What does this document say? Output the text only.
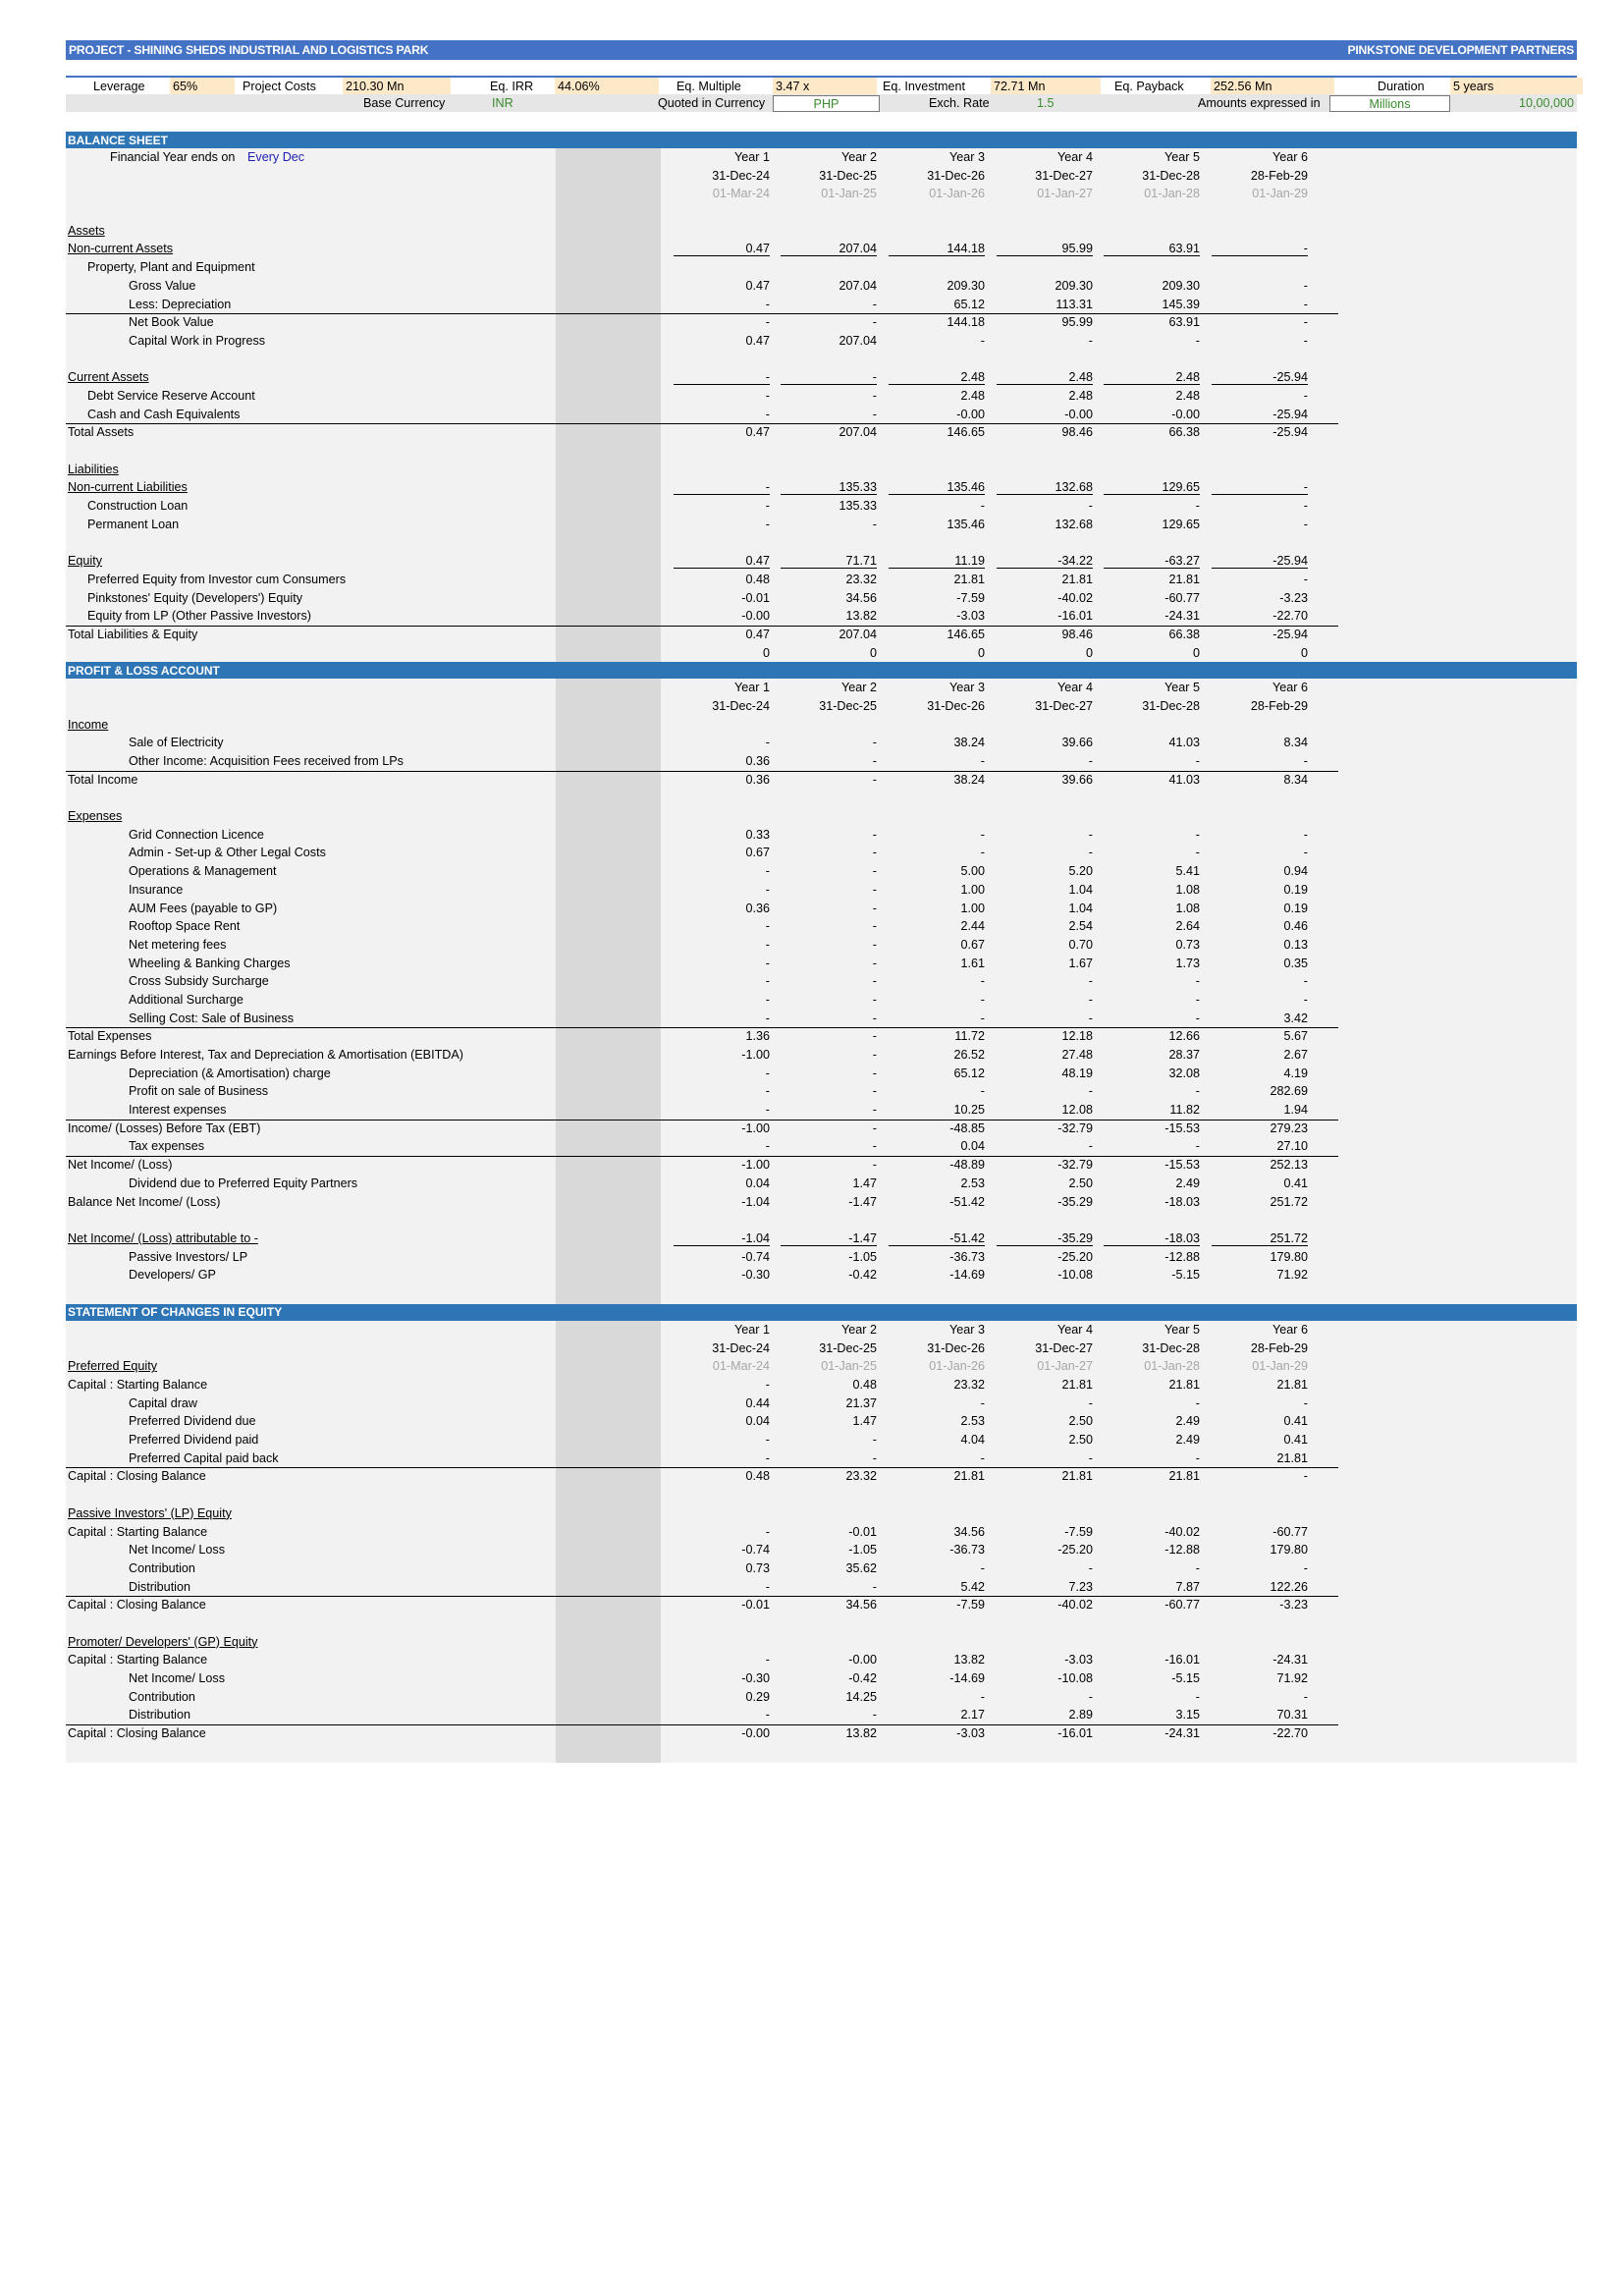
PROJECT - SHINING SHEDS INDUSTRIAL AND LOGISTICS PARK	PINKSTONE DEVELOPMENT PARTNERS
Leverage 65%	Project Costs 210.30 Mn	Eq. IRR 44.06%	Eq. Multiple	3.47 x	Eq. Investment 72.71 Mn	Eq. Payback 252.56 Mn	Duration 5 years
Base Currency	INR	Quoted in Currency	PHP	Exch. Rate	1.5	Amounts expressed in	Millions	10,00,000
BALANCE SHEET
Financial Year ends on Every Dec	Year 1	Year 2	Year 3	Year 4	Year 5	Year 6
31-Dec-24	31-Dec-25	31-Dec-26	31-Dec-27	31-Dec-28	28-Feb-29
01-Mar-24	01-Jan-25	01-Jan-26	01-Jan-27	01-Jan-28	01-Jan-29
Assets
Non-current Assets	0.47	207.04	144.18	95.99	63.91	-
Property, Plant and Equipment
Gross Value	0.47	207.04	209.30	209.30	209.30	-
Less: Depreciation	-	-	65.12	113.31	145.39	-
Net Book Value	-	-	144.18	95.99	63.91	-
Capital Work in Progress	0.47	207.04	-	-	-	-
Current Assets	-	-	2.48	2.48	2.48	-25.94
Debt Service Reserve Account	-	-	2.48	2.48	2.48	-
Cash and Cash Equivalents	-	-	-0.00	-0.00	-0.00	-25.94
Total Assets	0.47	207.04	146.65	98.46	66.38	-25.94
Liabilities
Non-current Liabilities	-	135.33	135.46	132.68	129.65	-
Construction Loan	-	135.33	-	-	-	-
Permanent Loan	-	-	135.46	132.68	129.65	-
Equity	0.47	71.71	11.19	-34.22	-63.27	-25.94
Preferred Equity from Investor cum Consumers	0.48	23.32	21.81	21.81	21.81	-
Pinkstones' Equity (Developers') Equity	-0.01	34.56	-7.59	-40.02	-60.77	-3.23
Equity from LP (Other Passive Investors)	-0.00	13.82	-3.03	-16.01	-24.31	-22.70
Total Liabilities & Equity	0.47	207.04	146.65	98.46	66.38	-25.94
0	0	0	0	0	0
PROFIT & LOSS ACCOUNT
Year 1	Year 2	Year 3	Year 4	Year 5	Year 6
31-Dec-24	31-Dec-25	31-Dec-26	31-Dec-27	31-Dec-28	28-Feb-29
Income
Sale of Electricity	-	-	38.24	39.66	41.03	8.34
Other Income: Acquisition Fees received from LPs	0.36	-	-	-	-	-
Total Income	0.36	-	38.24	39.66	41.03	8.34
Expenses
Grid Connection Licence	0.33	-	-	-	-	-
Admin - Set-up & Other Legal Costs	0.67	-	-	-	-	-
Operations & Management	-	-	5.00	5.20	5.41	0.94
Insurance	-	-	1.00	1.04	1.08	0.19
AUM Fees (payable to GP)	0.36	-	1.00	1.04	1.08	0.19
Rooftop Space Rent	-	-	2.44	2.54	2.64	0.46
Net metering fees	-	-	0.67	0.70	0.73	0.13
Wheeling & Banking Charges	-	-	1.61	1.67	1.73	0.35
Cross Subsidy Surcharge	-	-	-	-	-	-
Additional Surcharge	-	-	-	-	-	-
Selling Cost: Sale of Business	-	-	-	-	-	3.42
Total Expenses	1.36	-	11.72	12.18	12.66	5.67
Earnings Before Interest, Tax and Depreciation & Amortisation (EBITDA)	-1.00	-	26.52	27.48	28.37	2.67
Depreciation (& Amortisation) charge	-	-	65.12	48.19	32.08	4.19
Profit on sale of Business	-	-	-	-	-	282.69
Interest expenses	-	-	10.25	12.08	11.82	1.94
Income/ (Losses) Before Tax (EBT)	-1.00	-	-48.85	-32.79	-15.53	279.23
Tax expenses	-	-	0.04	-	-	27.10
Net Income/ (Loss)	-1.00	-	-48.89	-32.79	-15.53	252.13
Dividend due to Preferred Equity Partners	0.04	1.47	2.53	2.50	2.49	0.41
Balance Net Income/ (Loss)	-1.04	-1.47	-51.42	-35.29	-18.03	251.72
Net Income/ (Loss) attributable to -	-1.04	-1.47	-51.42	-35.29	-18.03	251.72
Passive Investors/ LP	-0.74	-1.05	-36.73	-25.20	-12.88	179.80
Developers/ GP	-0.30	-0.42	-14.69	-10.08	-5.15	71.92
STATEMENT OF CHANGES IN EQUITY
Year 1	Year 2	Year 3	Year 4	Year 5	Year 6
31-Dec-24	31-Dec-25	31-Dec-26	31-Dec-27	31-Dec-28	28-Feb-29
Preferred Equity	01-Mar-24	01-Jan-25	01-Jan-26	01-Jan-27	01-Jan-28	01-Jan-29
Capital : Starting Balance	-	0.48	23.32	21.81	21.81	21.81
Capital draw	0.44	21.37	-	-	-	-
Preferred Dividend due	0.04	1.47	2.53	2.50	2.49	0.41
Preferred Dividend paid	-	-	4.04	2.50	2.49	0.41
Preferred Capital paid back	-	-	-	-	-	21.81
Capital : Closing Balance	0.48	23.32	21.81	21.81	21.81	-
Passive Investors' (LP) Equity
Capital : Starting Balance	-	-0.01	34.56	-7.59	-40.02	-60.77
Net Income/ Loss	-0.74	-1.05	-36.73	-25.20	-12.88	179.80
Contribution	0.73	35.62	-	-	-	-
Distribution	-	-	5.42	7.23	7.87	122.26
Capital : Closing Balance	-0.01	34.56	-7.59	-40.02	-60.77	-3.23
Promoter/ Developers' (GP) Equity
Capital : Starting Balance	-	-0.00	13.82	-3.03	-16.01	-24.31
Net Income/ Loss	-0.30	-0.42	-14.69	-10.08	-5.15	71.92
Contribution	0.29	14.25	-	-	-	-
Distribution	-	-	2.17	2.89	3.15	70.31
Capital : Closing Balance	-0.00	13.82	-3.03	-16.01	-24.31	-22.70
